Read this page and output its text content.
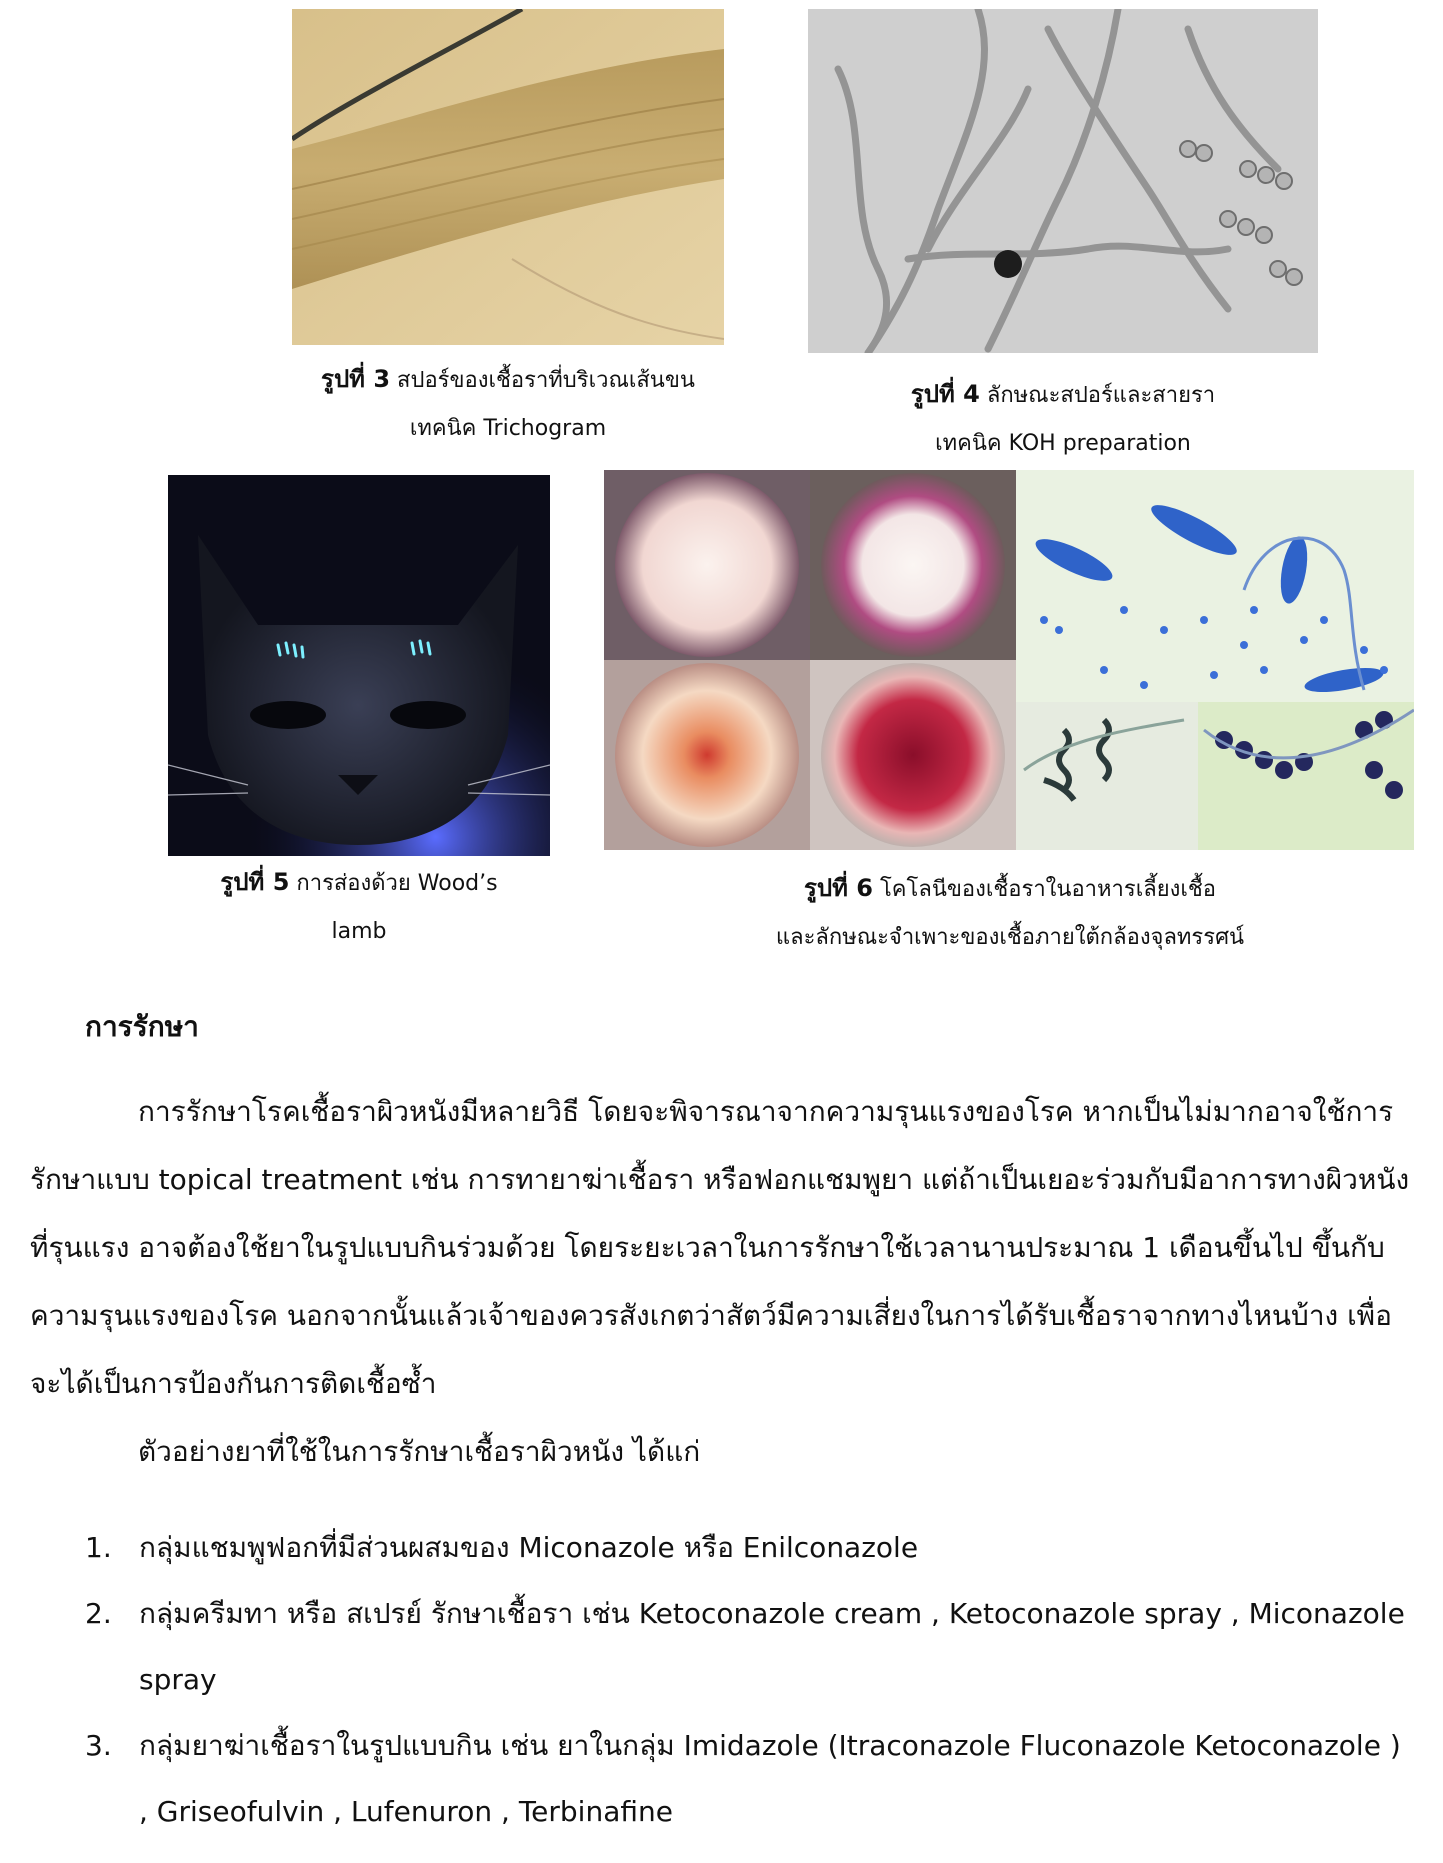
รูปที่ 3 สปอร์ของเชื้อราที่บริเวณเส้นขน
เทคนิค Trichogram
รูปที่ 4 ลักษณะสปอร์และสายรา
เทคนิค KOH preparation
รูปที่ 5 การส่องด้วย Wood’s
lamb
รูปที่ 6 โคโลนีของเชื้อราในอาหารเลี้ยงเชื้อ
และลักษณะจำเพาะของเชื้อภายใต้กล้องจุลทรรศน์
การรักษา

การรักษาโรคเชื้อราผิวหนังมีหลายวิธี โดยจะพิจารณาจากความรุนแรงของโรค หากเป็นไม่มากอาจใช้การรักษาแบบ topical treatment เช่น การทายาฆ่าเชื้อรา หรือฟอกแชมพูยา แต่ถ้าเป็นเยอะร่วมกับมีอาการทางผิวหนังที่รุนแรง อาจต้องใช้ยาในรูปแบบกินร่วมด้วย โดยระยะเวลาในการรักษาใช้เวลานานประมาณ 1 เดือนขึ้นไป ขึ้นกับความรุนแรงของโรค นอกจากนั้นแล้วเจ้าของควรสังเกตว่าสัตว์มีความเสี่ยงในการได้รับเชื้อราจากทางไหนบ้าง เพื่อจะได้เป็นการป้องกันการติดเชื้อซ้ำ

ตัวอย่างยาที่ใช้ในการรักษาเชื้อราผิวหนัง ได้แก่
1. กลุ่มแชมพูฟอกที่มีส่วนผสมของ Miconazole หรือ Enilconazole
2. กลุ่มครีมทา หรือ สเปรย์ รักษาเชื้อรา เช่น Ketoconazole cream , Ketoconazole spray , Miconazole spray
3. กลุ่มยาฆ่าเชื้อราในรูปแบบกิน เช่น ยาในกลุ่ม Imidazole (Itraconazole Fluconazole Ketoconazole ) , Griseofulvin , Lufenuron , Terbinafine
